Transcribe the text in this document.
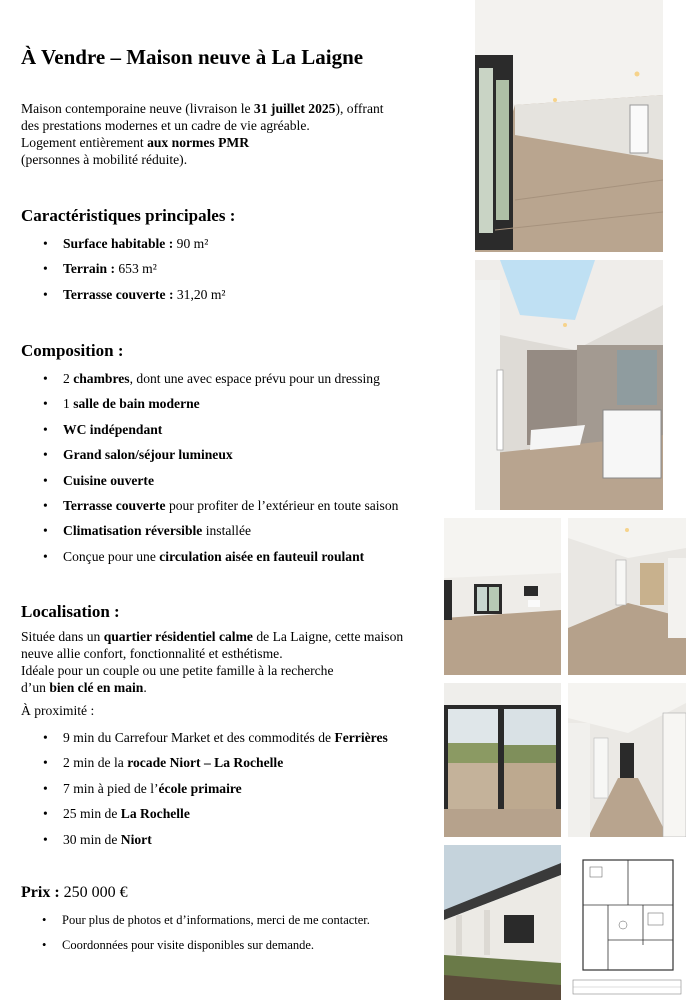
À Vendre – Maison neuve à La Laigne
Maison contemporaine neuve (livraison le 31 juillet 2025), offrant
des prestations modernes et un cadre de vie agréable.
Logement entièrement aux normes PMR
(personnes à mobilité réduite).
Caractéristiques principales :
Surface habitable : 90 m²
Terrain : 653 m²
Terrasse couverte : 31,20 m²
Composition :
2 chambres, dont une avec espace prévu pour un dressing
1 salle de bain moderne
WC indépendant
Grand salon/séjour lumineux
Cuisine ouverte
Terrasse couverte pour profiter de l’extérieur en toute saison
Climatisation réversible installée
Conçue pour une circulation aisée en fauteuil roulant
Localisation :
Située dans un quartier résidentiel calme de La Laigne, cette maison
neuve allie confort, fonctionnalité et esthétisme.
Idéale pour un couple ou une petite famille à la recherche
d’un bien clé en main.
À proximité :
9 min du Carrefour Market et des commodités de Ferrières
2 min de la rocade Niort – La Rochelle
7 min à pied de l’école primaire
25 min de La Rochelle
30 min de Niort
Prix : 250 000 €
Pour plus de photos et d’informations, merci de me contacter.
Coordonnées pour visite disponibles sur demande.
